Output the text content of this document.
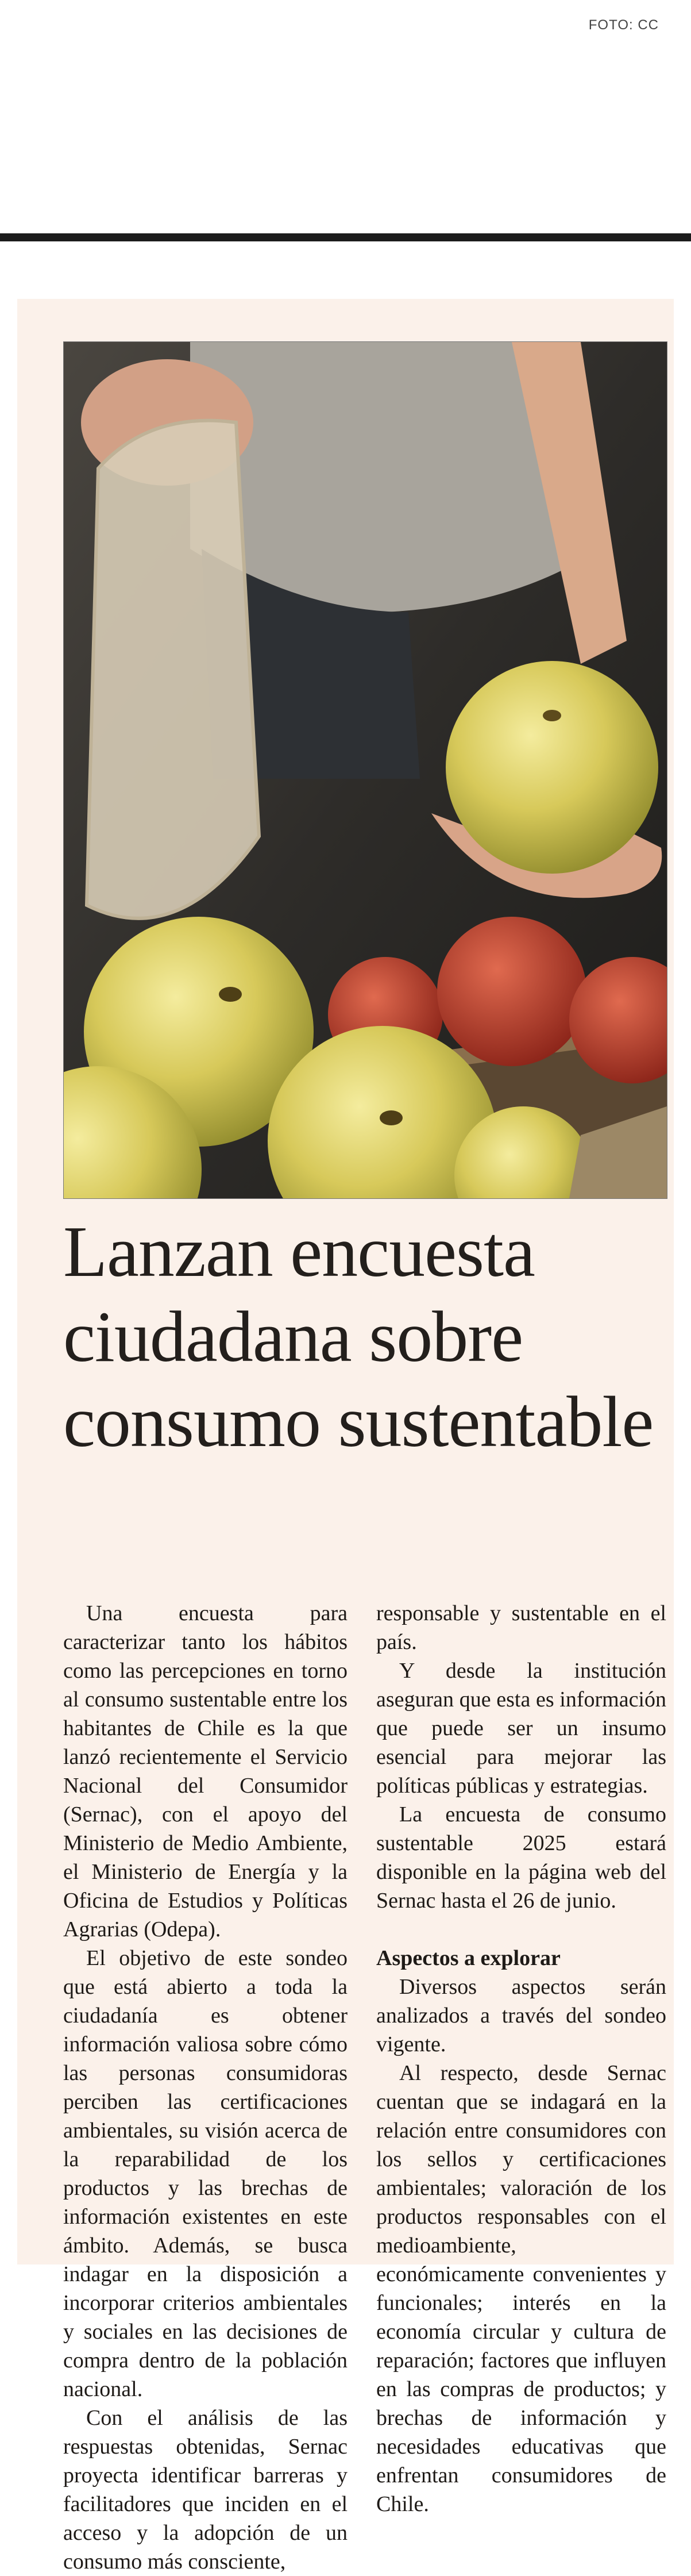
FOTO: CC
Lanzan encuesta ciudadana sobre consumo sustentable

Una encuesta para caracterizar tanto los hábitos como las percepciones en torno al consumo sustentable entre los habitantes de Chile es la que lanzó recientemente el Servicio Nacional del Consumidor (Sernac), con el apoyo del Ministerio de Medio Ambiente, el Ministerio de Energía y la Oficina de Estudios y Políticas Agrarias (Odepa).

El objetivo de este sondeo que está abierto a toda la ciudadanía es obtener información valiosa sobre cómo las personas consumidoras perciben las certificaciones ambientales, su visión acerca de la reparabilidad de los productos y las brechas de información existentes en este ámbito. Además, se busca indagar en la disposición a incorporar criterios ambientales y sociales en las decisiones de compra dentro de la población nacional.

Con el análisis de las respuestas obtenidas, Sernac proyecta identificar barreras y facilitadores que inciden en el acceso y la adopción de un consumo más consciente,

responsable y sustentable en el país.

Y desde la institución aseguran que esta es información que puede ser un insumo esencial para mejorar las políticas públicas y estrategias.

La encuesta de consumo sustentable 2025 estará disponible en la página web del Sernac hasta el 26 de junio.

Aspectos a explorar

Diversos aspectos serán analizados a través del sondeo vigente.

Al respecto, desde Sernac cuentan que se indagará en la relación entre consumidores con los sellos y certificaciones ambientales; valoración de los productos responsables con el medioambiente, económicamente convenientes y funcionales; interés en la economía circular y cultura de reparación; factores que influyen en las compras de productos; y brechas de información y necesidades educativas que enfrentan consumidores de Chile.
